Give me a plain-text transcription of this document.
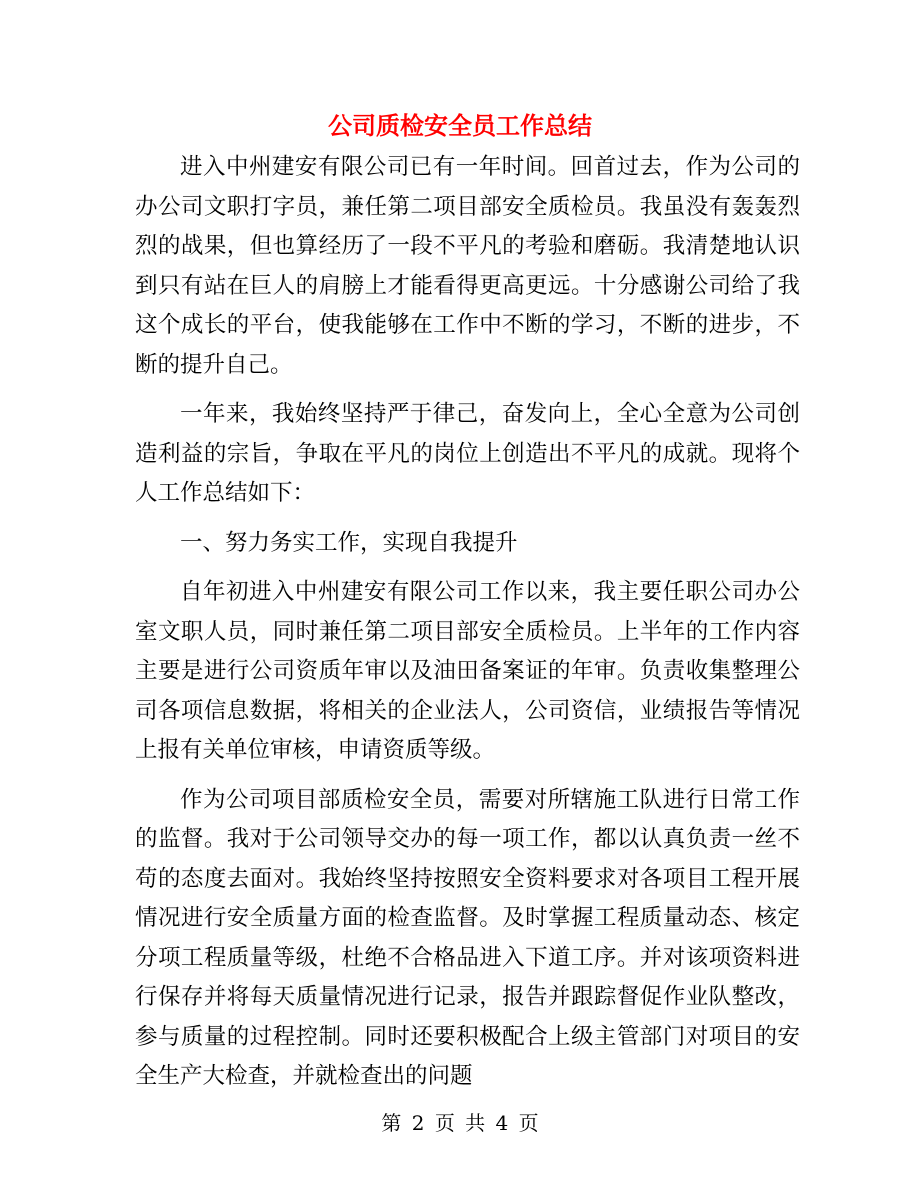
公司质检安全员工作总结

进入中州建安有限公司已有一年时间。回首过去，作为公司的办公司文职打字员，兼任第二项目部安全质检员。我虽没有轰轰烈烈的战果，但也算经历了一段不平凡的考验和磨砺。我清楚地认识到只有站在巨人的肩膀上才能看得更高更远。十分感谢公司给了我这个成长的平台，使我能够在工作中不断的学习，不断的进步，不断的提升自己。

一年来，我始终坚持严于律己，奋发向上，全心全意为公司创造利益的宗旨，争取在平凡的岗位上创造出不平凡的成就。现将个人工作总结如下：

一、努力务实工作，实现自我提升

自年初进入中州建安有限公司工作以来，我主要任职公司办公室文职人员，同时兼任第二项目部安全质检员。上半年的工作内容主要是进行公司资质年审以及油田备案证的年审。负责收集整理公司各项信息数据，将相关的企业法人，公司资信，业绩报告等情况上报有关单位审核，申请资质等级。

作为公司项目部质检安全员，需要对所辖施工队进行日常工作的监督。我对于公司领导交办的每一项工作，都以认真负责一丝不苟的态度去面对。我始终坚持按照安全资料要求对各项目工程开展情况进行安全质量方面的检查监督。及时掌握工程质量动态、核定分项工程质量等级，杜绝不合格品进入下道工序。并对该项资料进行保存并将每天质量情况进行记录，报告并跟踪督促作业队整改，参与质量的过程控制。同时还要积极配合上级主管部门对项目的安全生产大检查，并就检查出的问题

第 2 页 共 4 页
